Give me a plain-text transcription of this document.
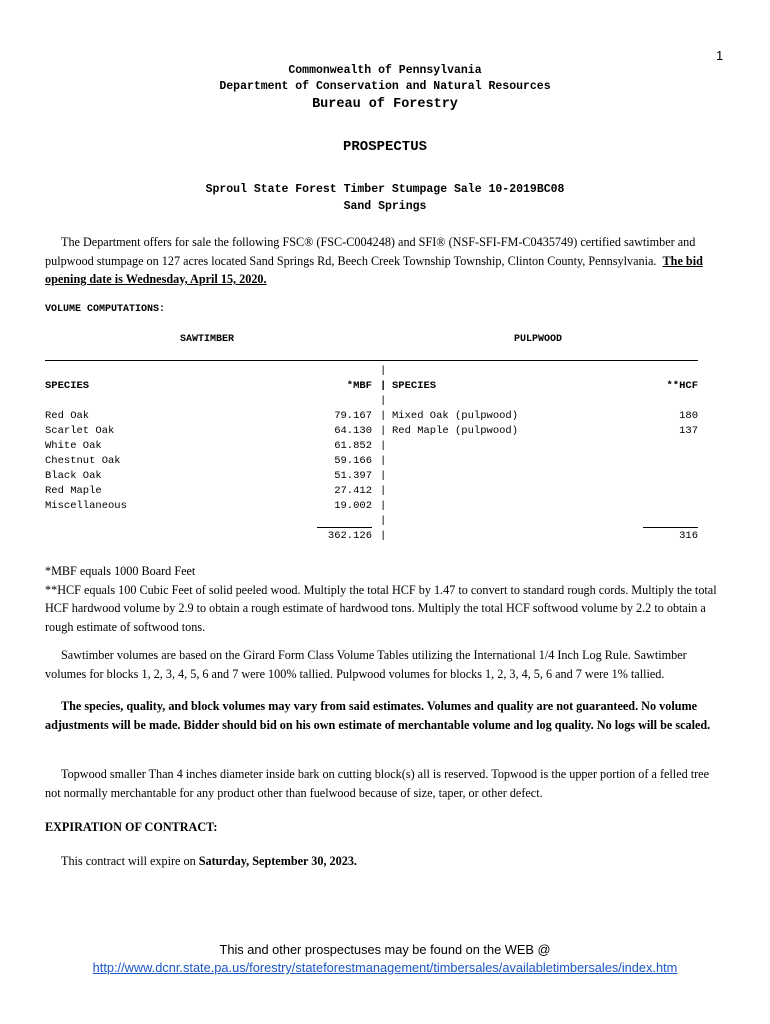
1
Commonwealth of Pennsylvania
Department of Conservation and Natural Resources
Bureau of Forestry
PROSPECTUS
Sproul State Forest Timber Stumpage Sale 10-2019BC08
Sand Springs
The Department offers for sale the following FSC® (FSC-C004248) and SFI® (NSF-SFI-FM-C0435749) certified sawtimber and pulpwood stumpage on 127 acres located Sand Springs Rd, Beech Creek Township Township, Clinton County, Pennsylvania. The bid opening date is Wednesday, April 15, 2020.
VOLUME COMPUTATIONS:
SAWTIMBER	PULPWOOD
|
SPECIES	*MBF | SPECIES	**HCF
|
Red Oak	79.167 | Mixed Oak (pulpwood)	180
Scarlet Oak	64.130 | Red Maple (pulpwood)	137
White Oak	61.852 |
Chestnut Oak	59.166 |
Black Oak	51.397 |
Red Maple	27.412 |
Miscellaneous	19.002 |
|
362.126 |	316
*MBF equals 1000 Board Feet
**HCF equals 100 Cubic Feet of solid peeled wood. Multiply the total HCF by 1.47 to convert to standard rough cords. Multiply the total HCF hardwood volume by 2.9 to obtain a rough estimate of hardwood tons. Multiply the total HCF softwood volume by 2.2 to obtain a rough estimate of softwood tons.
Sawtimber volumes are based on the Girard Form Class Volume Tables utilizing the International 1/4 Inch Log Rule. Sawtimber volumes for blocks 1, 2, 3, 4, 5, 6 and 7 were 100% tallied. Pulpwood volumes for blocks 1, 2, 3, 4, 5, 6 and 7 were 1% tallied.
The species, quality, and block volumes may vary from said estimates. Volumes and quality are not guaranteed. No volume adjustments will be made. Bidder should bid on his own estimate of merchantable volume and log quality. No logs will be scaled.
Topwood smaller Than 4 inches diameter inside bark on cutting block(s) all is reserved. Topwood is the upper portion of a felled tree not normally merchantable for any product other than fuelwood because of size, taper, or other defect.
EXPIRATION OF CONTRACT:
This contract will expire on Saturday, September 30, 2023.
This and other prospectuses may be found on the WEB @
http://www.dcnr.state.pa.us/forestry/stateforestmanagement/timbersales/availabletimbersales/index.htm
